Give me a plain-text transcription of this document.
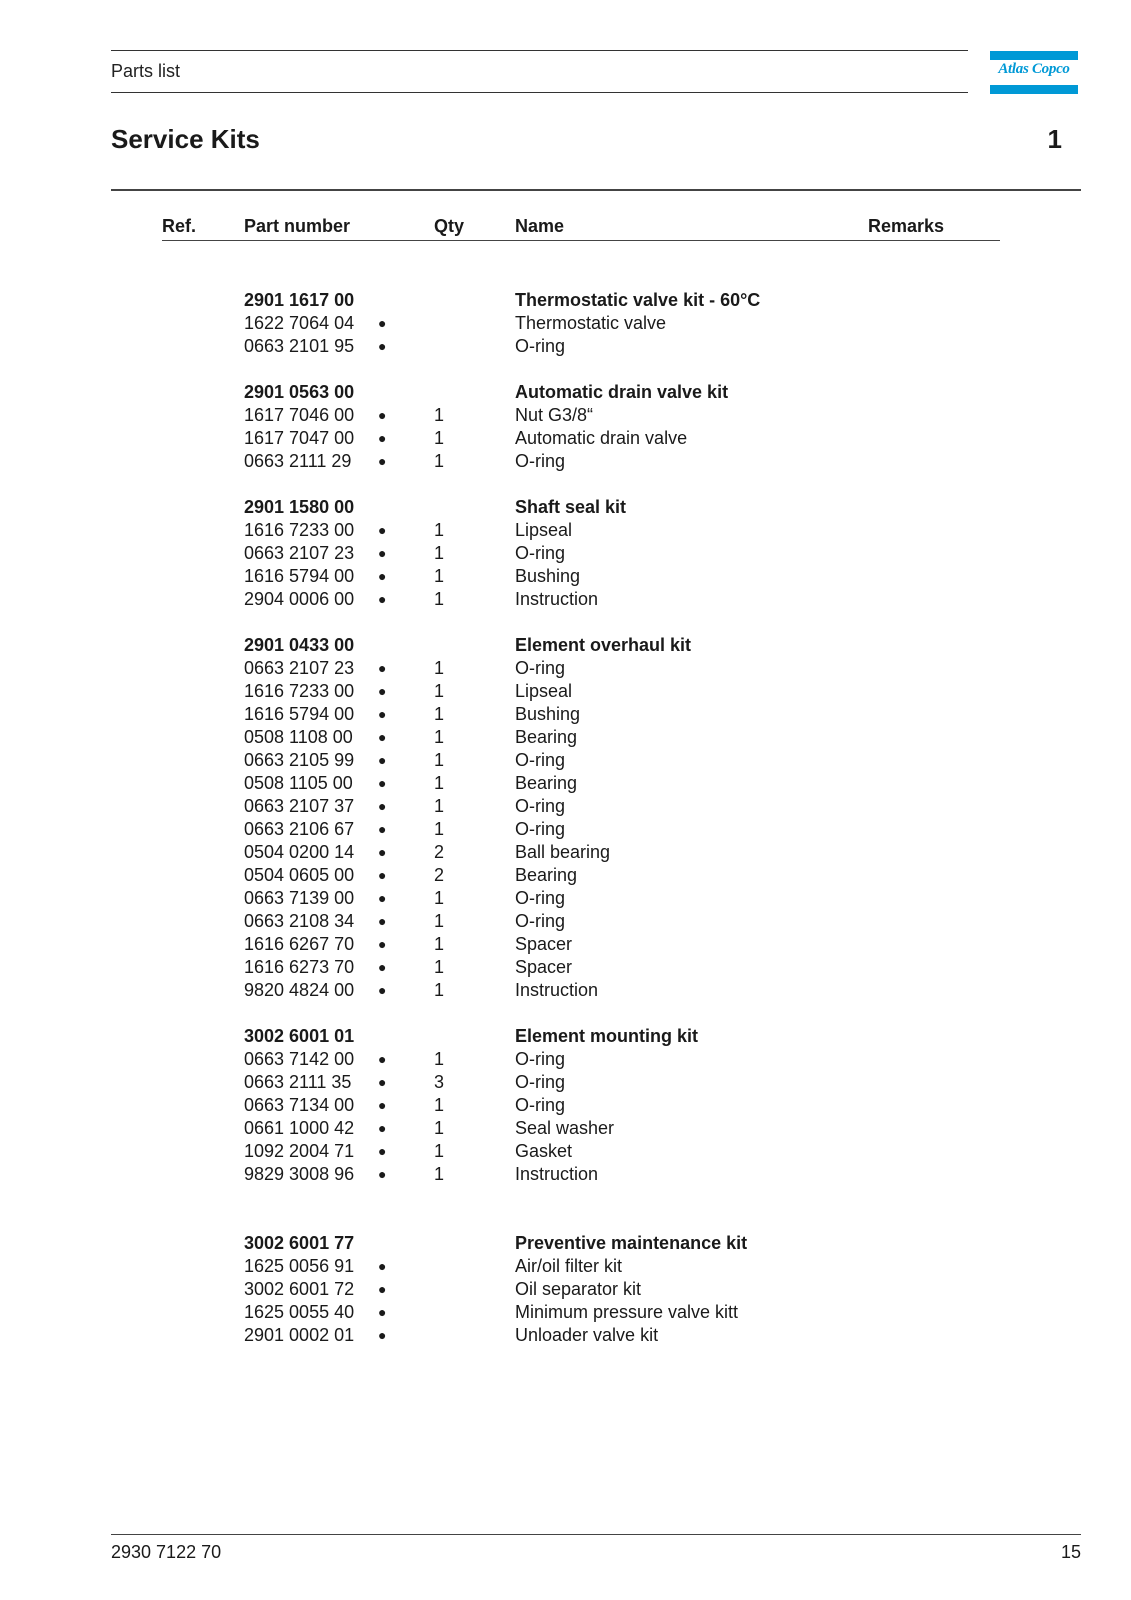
Parts list	Atlas Copco
Service Kits	1
Ref.	Part number	Qty	Name	Remarks
2901 1617 00	Thermostatic valve kit - 60°C
1622 7064 04 ●	Thermostatic valve
0663 2101 95 ●	O-ring
2901 0563 00	Automatic drain valve kit
1617 7046 00 ●	1	Nut G3/8“
1617 7047 00 ●	1	Automatic drain valve
0663 2111 29 ●	1	O-ring
2901 1580 00	Shaft seal kit
1616 7233 00 ●	1	Lipseal
0663 2107 23 ●	1	O-ring
1616 5794 00 ●	1	Bushing
2904 0006 00 ●	1	Instruction
2901 0433 00	Element overhaul kit
0663 2107 23 ●	1	O-ring
1616 7233 00 ●	1	Lipseal
1616 5794 00 ●	1	Bushing
0508 1108 00 ●	1	Bearing
0663 2105 99 ●	1	O-ring
0508 1105 00 ●	1	Bearing
0663 2107 37 ●	1	O-ring
0663 2106 67 ●	1	O-ring
0504 0200 14 ●	2	Ball bearing
0504 0605 00 ●	2	Bearing
0663 7139 00 ●	1	O-ring
0663 2108 34 ●	1	O-ring
1616 6267 70 ●	1	Spacer
1616 6273 70 ●	1	Spacer
9820 4824 00 ●	1	Instruction
3002 6001 01	Element mounting kit
0663 7142 00 ●	1	O-ring
0663 2111 35 ●	3	O-ring
0663 7134 00 ●	1	O-ring
0661 1000 42 ●	1	Seal washer
1092 2004 71 ●	1	Gasket
9829 3008 96 ●	1	Instruction
3002 6001 77	Preventive maintenance kit
1625 0056 91 ●	Air/oil filter kit
3002 6001 72 ●	Oil separator kit
1625 0055 40 ●	Minimum pressure valve kitt
2901 0002 01 ●	Unloader valve kit
2930 7122 70	15
